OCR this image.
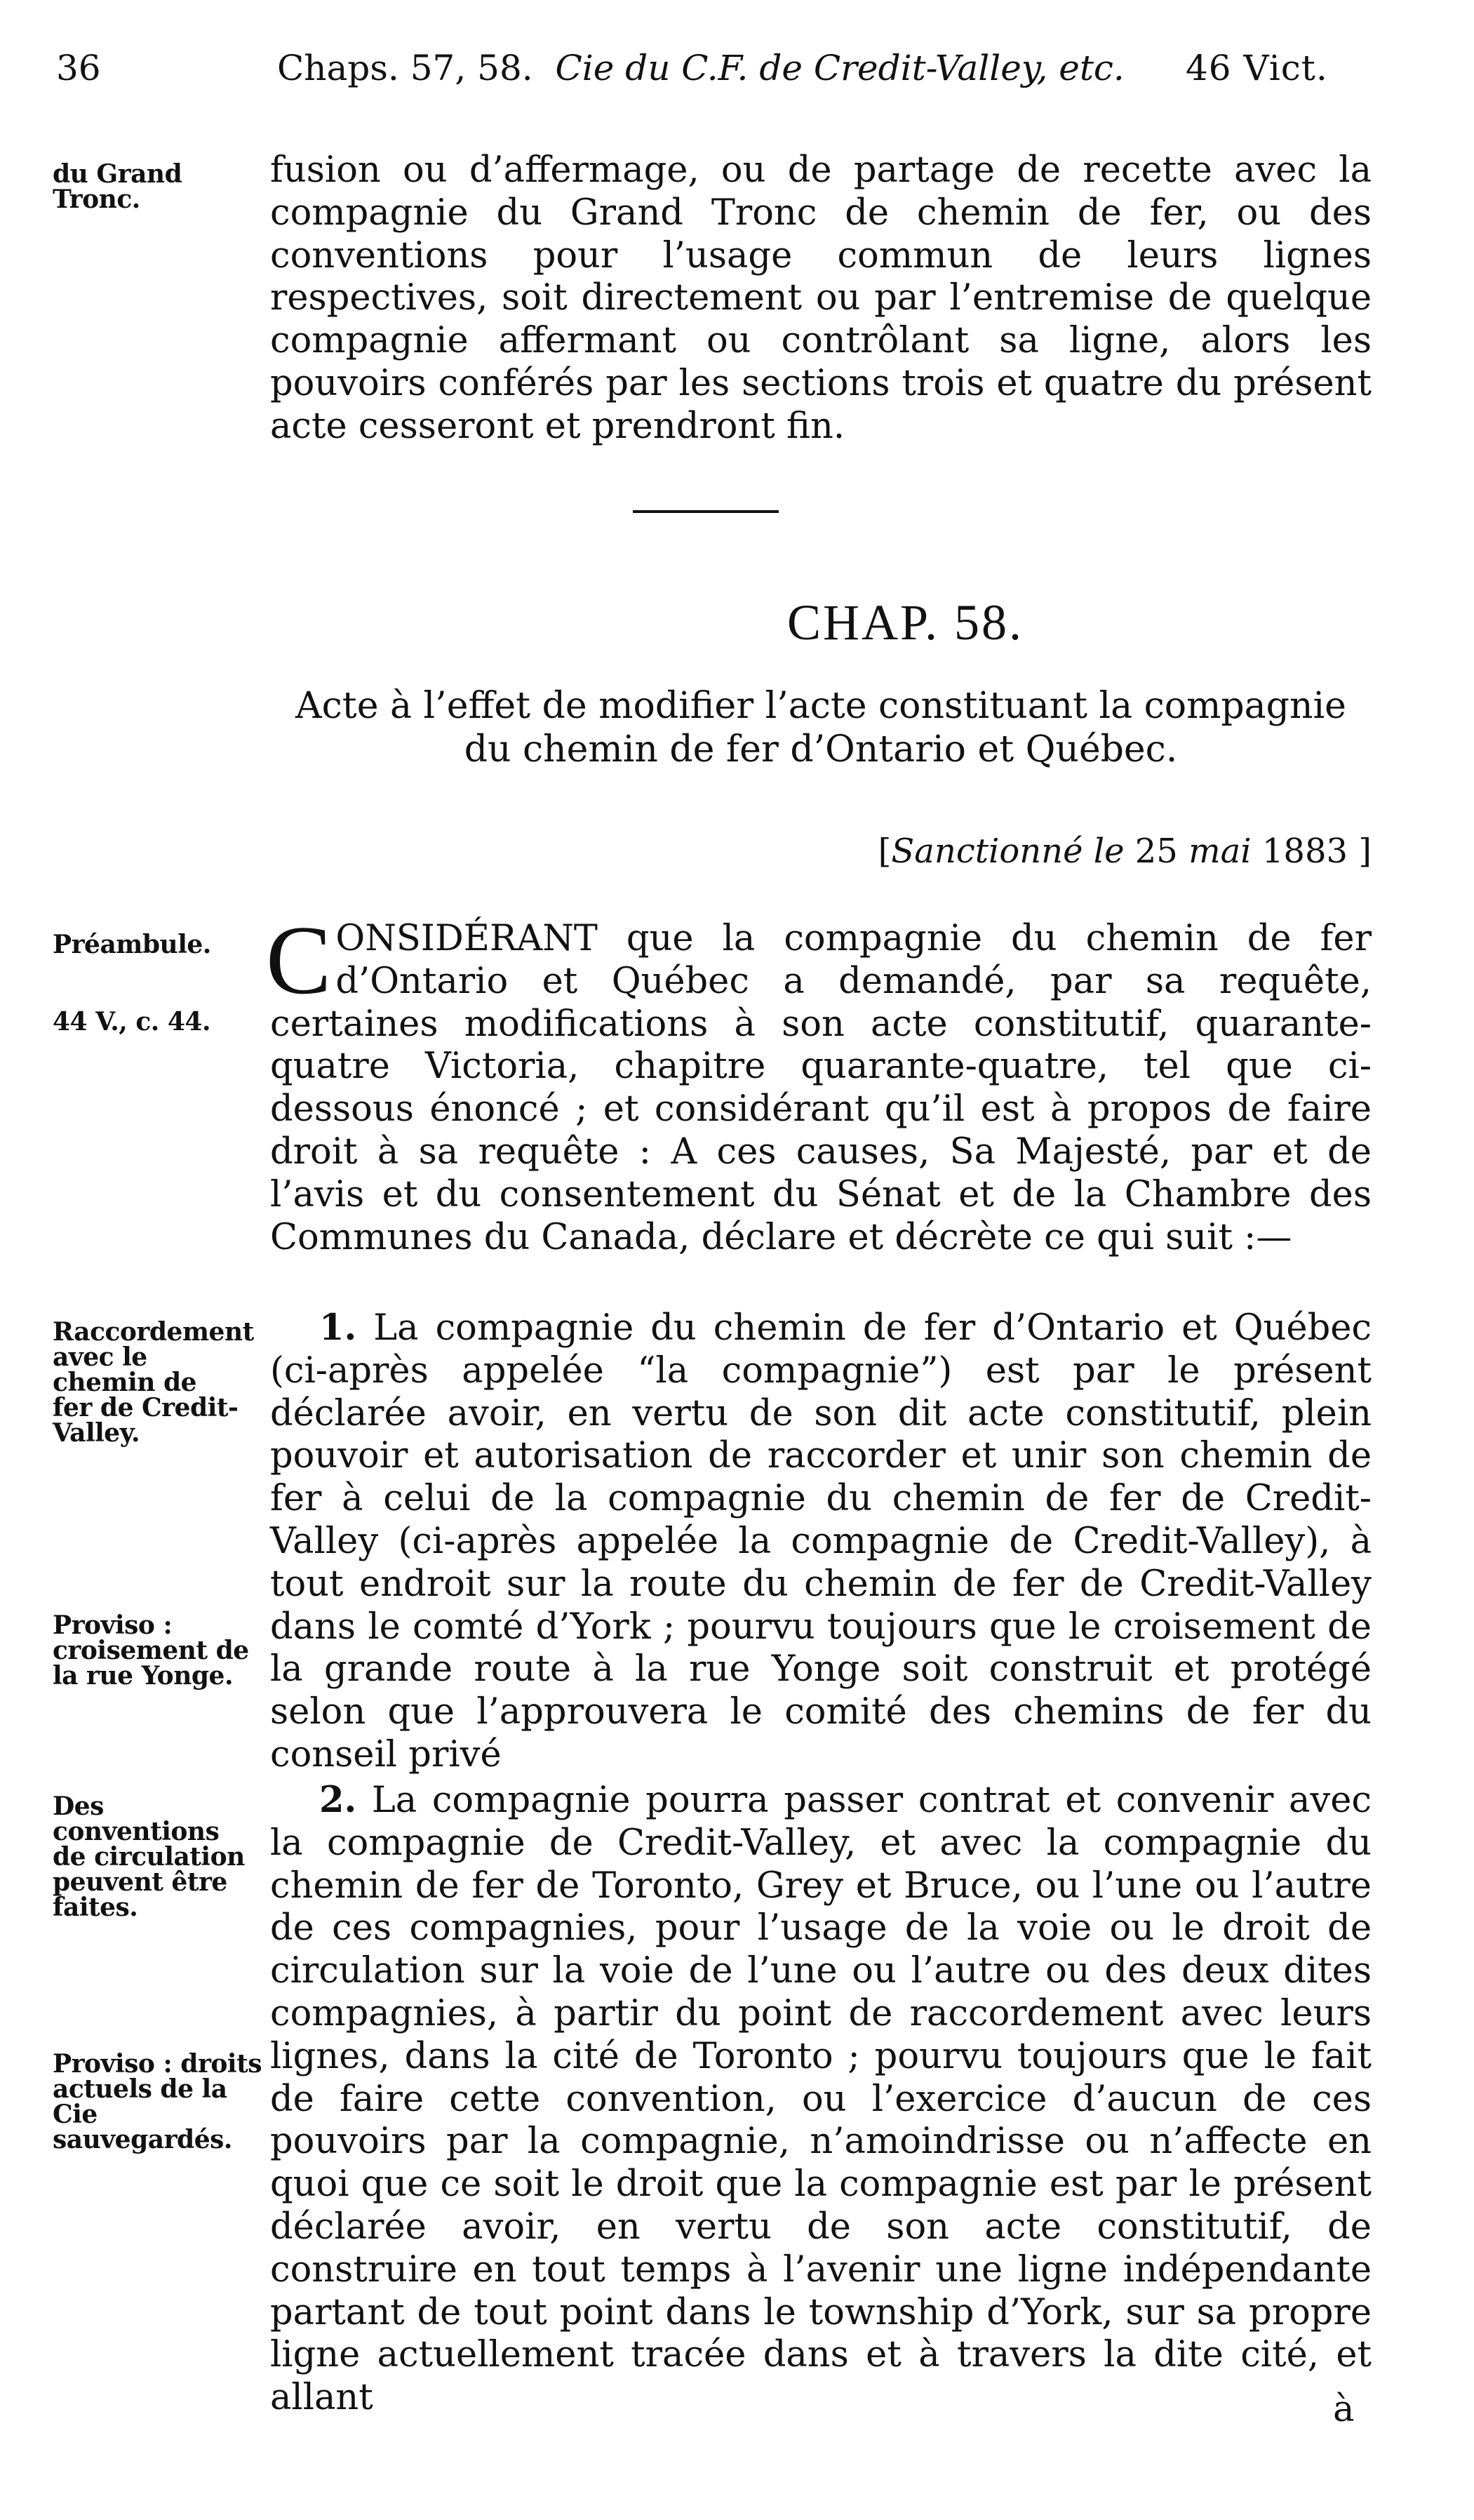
36	Chaps. 57, 58. Cie du C.F. de Credit-Valley, etc. 46 Vict.
du Grand Tronc.
fusion ou d’affermage, ou de partage de recette avec la compagnie du Grand Tronc de chemin de fer, ou des conventions pour l’usage commun de leurs lignes respectives, soit directement ou par l’entremise de quelque compagnie affermant ou contrôlant sa ligne, alors les pouvoirs conférés par les sections trois et quatre du présent acte cesseront et prendront fin.
CHAP. 58.
Acte à l’effet de modifier l’acte constituant la compagnie du chemin de fer d’Ontario et Québec.
[Sanctionné le 25 mai 1883 ]
Préambule.
44 V., c. 44.
CONSIDÉRANT que la compagnie du chemin de fer d’Ontario et Québec a demandé, par sa requête, certaines modifications à son acte constitutif, quarante-quatre Victoria, chapitre quarante-quatre, tel que ci-dessous énoncé ; et considérant qu’il est à propos de faire droit à sa requête : A ces causes, Sa Majesté, par et de l’avis et du consentement du Sénat et de la Chambre des Communes du Canada, déclare et décrète ce qui suit :—
Raccordement avec le chemin de fer de Credit-Valley.
Proviso : croisement de la rue Yonge.
1. La compagnie du chemin de fer d’Ontario et Québec (ci-après appelée “la compagnie”) est par le présent déclarée avoir, en vertu de son dit acte constitutif, plein pouvoir et autorisation de raccorder et unir son chemin de fer à celui de la compagnie du chemin de fer de Credit-Valley (ci-après appelée la compagnie de Credit-Valley), à tout endroit sur la route du chemin de fer de Credit-Valley dans le comté d’York ; pourvu toujours que le croisement de la grande route à la rue Yonge soit construit et protégé selon que l’approuvera le comité des chemins de fer du conseil privé
Des conventions de circulation peuvent être faites.
Proviso : droits actuels de la Cie sauvegardés.
2. La compagnie pourra passer contrat et convenir avec la compagnie de Credit-Valley, et avec la compagnie du chemin de fer de Toronto, Grey et Bruce, ou l’une ou l’autre de ces compagnies, pour l’usage de la voie ou le droit de circulation sur la voie de l’une ou l’autre ou des deux dites compagnies, à partir du point de raccordement avec leurs lignes, dans la cité de Toronto ; pourvu toujours que le fait de faire cette convention, ou l’exercice d’aucun de ces pouvoirs par la compagnie, n’amoindrisse ou n’affecte en quoi que ce soit le droit que la compagnie est par le présent déclarée avoir, en vertu de son acte constitutif, de construire en tout temps à l’avenir une ligne indépendante partant de tout point dans le township d’York, sur sa propre ligne actuellement tracée dans et à travers la dite cité, et allant	à
